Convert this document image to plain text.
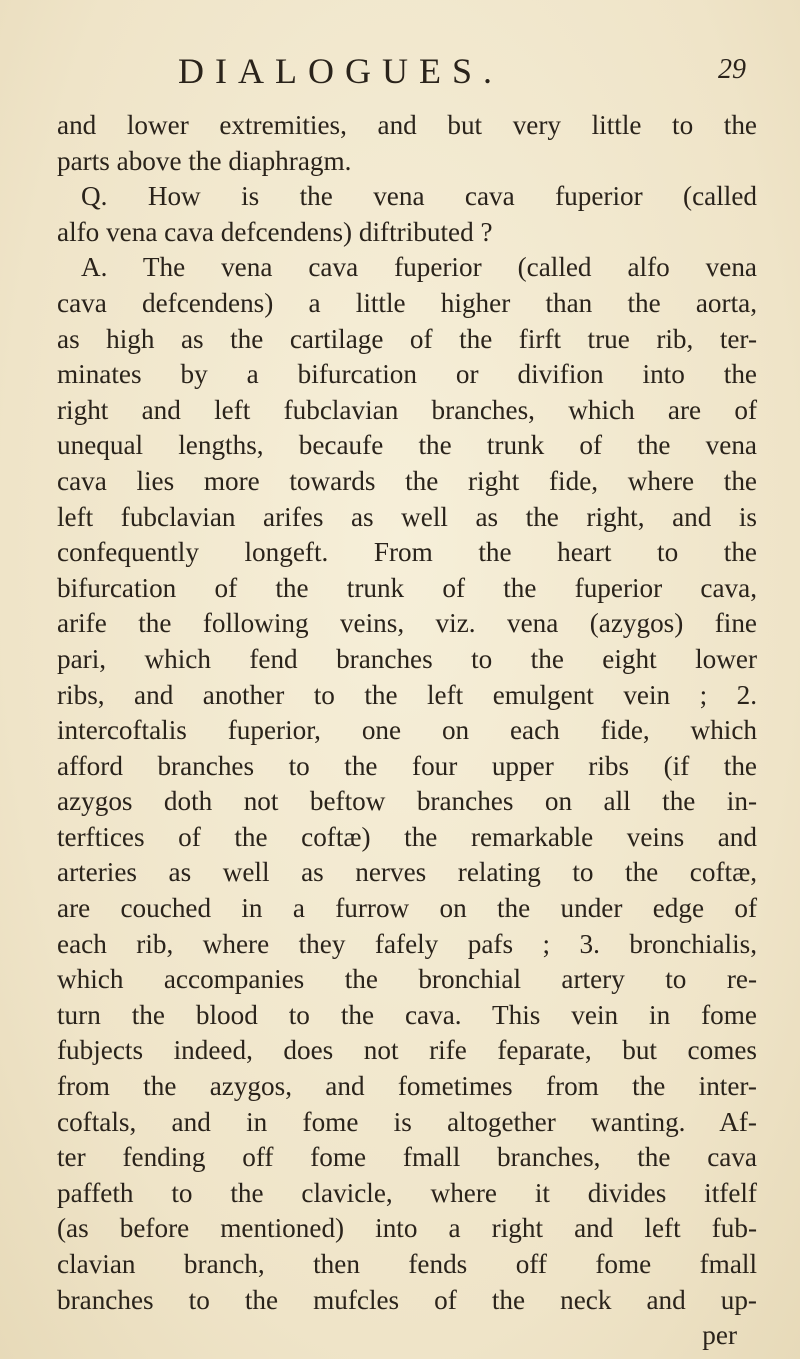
DIALOGUES.	29
and lower extremities, and but very little to the
parts above the diaphragm.
Q. How is the vena cava fuperior (called
alfo vena cava defcendens) diftributed ?
A. The vena cava fuperior (called alfo vena
cava defcendens) a little higher than the aorta,
as high as the cartilage of the firft true rib, ter-
minates by a bifurcation or divifion into the
right and left fubclavian branches, which are of
unequal lengths, becaufe the trunk of the vena
cava lies more towards the right fide, where the
left fubclavian arifes as well as the right, and is
confequently longeft. From the heart to the
bifurcation of the trunk of the fuperior cava,
arife the following veins, viz. vena (azygos) fine
pari, which fend branches to the eight lower
ribs, and another to the left emulgent vein ; 2.
intercoftalis fuperior, one on each fide, which
afford branches to the four upper ribs (if the
azygos doth not beftow branches on all the in-
terftices of the coftæ) the remarkable veins and
arteries as well as nerves relating to the coftæ,
are couched in a furrow on the under edge of
each rib, where they fafely pafs ; 3. bronchialis,
which accompanies the bronchial artery to re-
turn the blood to the cava. This vein in fome
fubjects indeed, does not rife feparate, but comes
from the azygos, and fometimes from the inter-
coftals, and in fome is altogether wanting. Af-
ter fending off fome fmall branches, the cava
paffeth to the clavicle, where it divides itfelf
(as before mentioned) into a right and left fub-
clavian branch, then fends off fome fmall
branches to the mufcles of the neck and up-
per
